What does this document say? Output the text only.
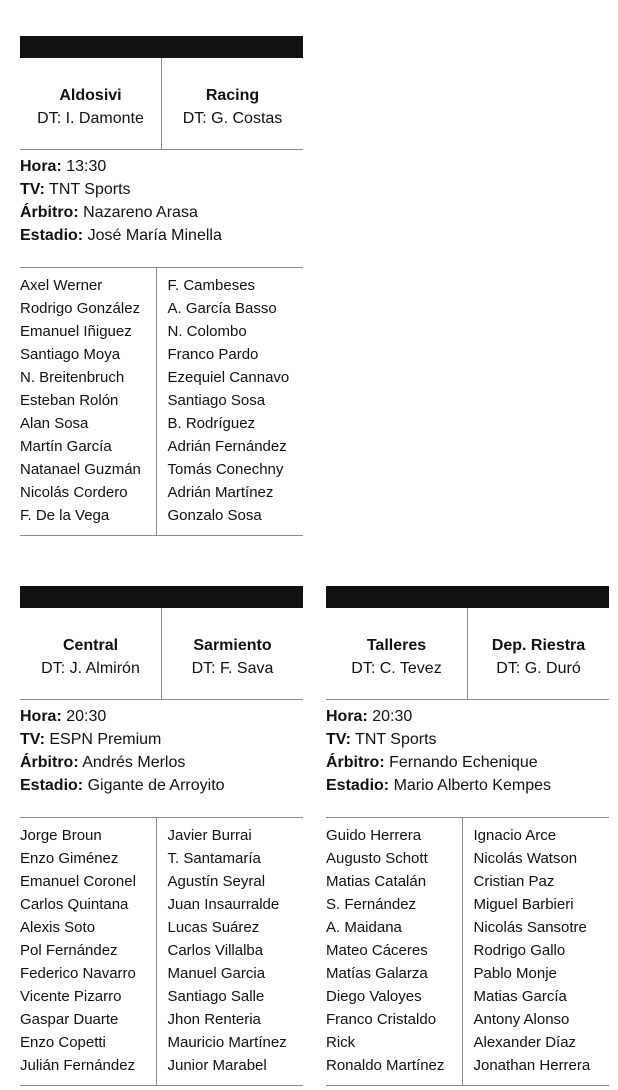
Aldosivi
DT: I. Damonte
Racing
DT: G. Costas
Hora: 13:30
TV: TNT Sports
Árbitro: Nazareno Arasa
Estadio: José María Minella
Axel Werner
Rodrigo González
Emanuel Iñiguez
Santiago Moya
N. Breitenbruch
Esteban Rolón
Alan Sosa
Martín García
Natanael Guzmán
Nicolás Cordero
F. De la Vega
F. Cambeses
A. García Basso
N. Colombo
Franco Pardo
Ezequiel Cannavo
Santiago Sosa
B. Rodríguez
Adrián Fernández
Tomás Conechny
Adrián Martínez
Gonzalo Sosa
Central
DT: J. Almirón
Sarmiento
DT: F. Sava
Hora: 20:30
TV: ESPN Premium
Árbitro: Andrés Merlos
Estadio: Gigante de Arroyito
Jorge Broun
Enzo Giménez
Emanuel Coronel
Carlos Quintana
Alexis Soto
Pol Fernández
Federico Navarro
Vicente Pizarro
Gaspar Duarte
Enzo Copetti
Julián Fernández
Javier Burrai
T. Santamaría
Agustín Seyral
Juan Insaurralde
Lucas Suárez
Carlos Villalba
Manuel Garcia
Santiago Salle
Jhon Renteria
Mauricio Martínez
Junior Marabel
Talleres
DT: C. Tevez
Dep. Riestra
DT: G. Duró
Hora: 20:30
TV: TNT Sports
Árbitro: Fernando Echenique
Estadio: Mario Alberto Kempes
Guido Herrera
Augusto Schott
Matias Catalán
S. Fernández
A. Maidana
Mateo Cáceres
Matías Galarza
Diego Valoyes
Franco Cristaldo
Rick
Ronaldo Martínez
Ignacio Arce
Nicolás Watson
Cristian Paz
Miguel Barbieri
Nicolás Sansotre
Rodrigo Gallo
Pablo Monje
Matias García
Antony Alonso
Alexander Díaz
Jonathan Herrera
